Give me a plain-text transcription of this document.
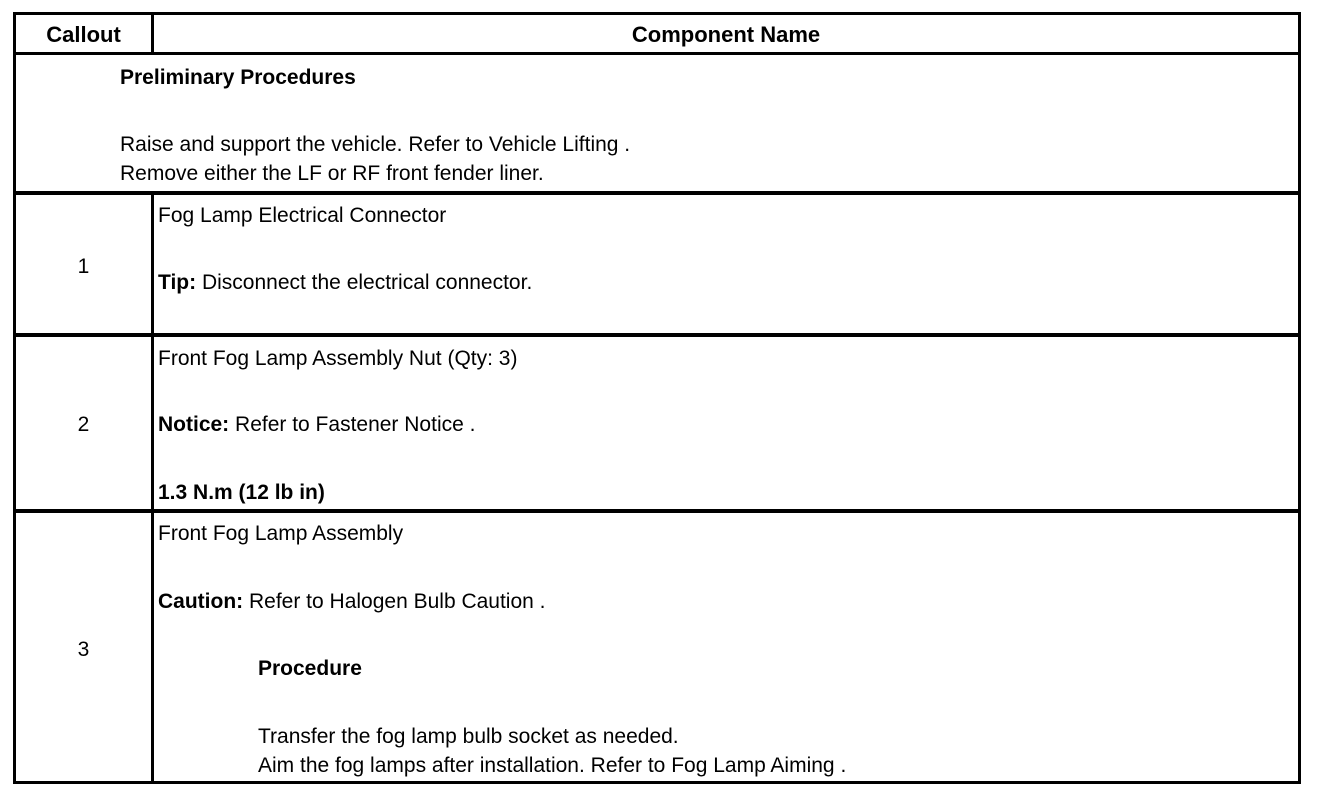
Callout	Component Name
Preliminary Procedures
Raise and support the vehicle. Refer to Vehicle Lifting .
Remove either the LF or RF front fender liner.
1
Fog Lamp Electrical Connector
Tip: Disconnect the electrical connector.
2
Front Fog Lamp Assembly Nut (Qty: 3)
Notice: Refer to Fastener Notice .
1.3 N.m (12 lb in)
3
Front Fog Lamp Assembly
Caution: Refer to Halogen Bulb Caution .
Procedure
Transfer the fog lamp bulb socket as needed.
Aim the fog lamps after installation. Refer to Fog Lamp Aiming .
